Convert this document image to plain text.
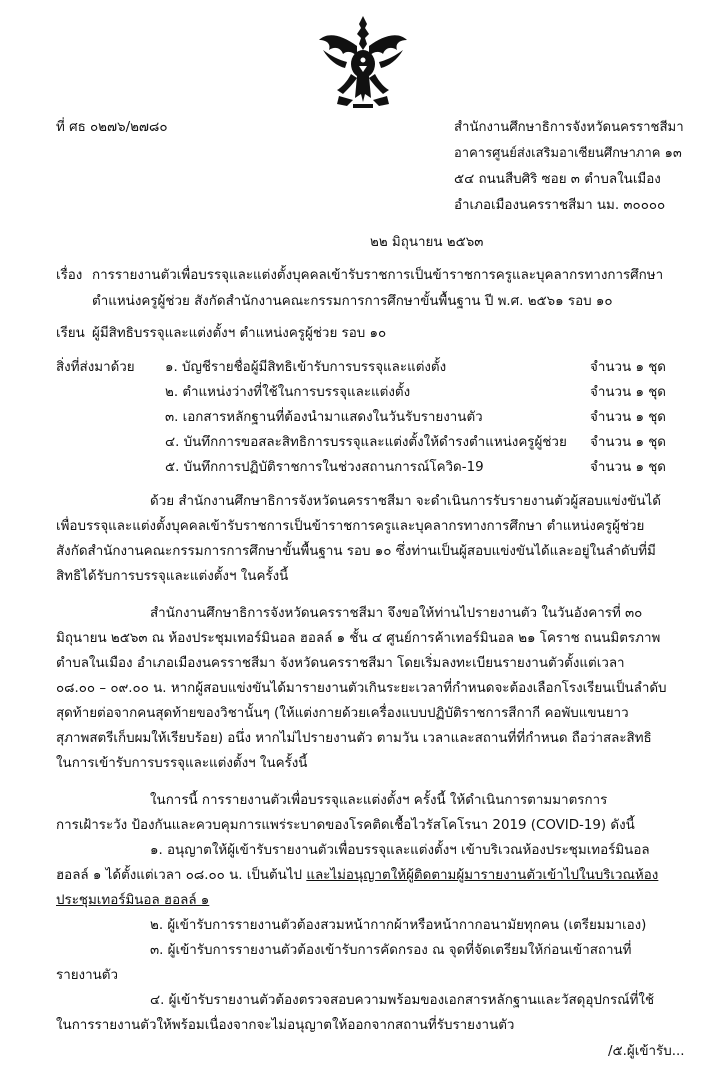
ที่ ศธ ๐๒๗๖/๒๗๘๐	สำนักงานศึกษาธิการจังหวัดนครราชสีมา
อาคารศูนย์ส่งเสริมอาเซียนศึกษาภาค ๑๓
๕๔ ถนนสืบศิริ ซอย ๓ ตำบลในเมือง
อำเภอเมืองนครราชสีมา นม. ๓๐๐๐๐
๒๒ มิถุนายน ๒๕๖๓
เรื่อง การรายงานตัวเพื่อบรรจุและแต่งตั้งบุคคลเข้ารับราชการเป็นข้าราชการครูและบุคลากรทางการศึกษา
ตำแหน่งครูผู้ช่วย สังกัดสำนักงานคณะกรรมการการศึกษาขั้นพื้นฐาน ปี พ.ศ. ๒๕๖๑ รอบ ๑๐
เรียน ผู้มีสิทธิบรรจุและแต่งตั้งฯ ตำแหน่งครูผู้ช่วย รอบ ๑๐
สิ่งที่ส่งมาด้วย ๑. บัญชีรายชื่อผู้มีสิทธิเข้ารับการบรรจุและแต่งตั้ง	จำนวน ๑ ชุด
๒. ตำแหน่งว่างที่ใช้ในการบรรจุและแต่งตั้ง	จำนวน ๑ ชุด
๓. เอกสารหลักฐานที่ต้องนำมาแสดงในวันรับรายงานตัว	จำนวน ๑ ชุด
๔. บันทึกการขอสละสิทธิการบรรจุและแต่งตั้งให้ดำรงตำแหน่งครูผู้ช่วย จำนวน ๑ ชุด
๕. บันทึกการปฏิบัติราชการในช่วงสถานการณ์โควิด-19	จำนวน ๑ ชุด
ด้วย สำนักงานศึกษาธิการจังหวัดนครราชสีมา จะดำเนินการรับรายงานตัวผู้สอบแข่งขันได้
เพื่อบรรจุและแต่งตั้งบุคคลเข้ารับราชการเป็นข้าราชการครูและบุคลากรทางการศึกษา ตำแหน่งครูผู้ช่วย
สังกัดสำนักงานคณะกรรมการการศึกษาขั้นพื้นฐาน รอบ ๑๐ ซึ่งท่านเป็นผู้สอบแข่งขันได้และอยู่ในลำดับที่มี
สิทธิได้รับการบรรจุและแต่งตั้งฯ ในครั้งนี้
สำนักงานศึกษาธิการจังหวัดนครราชสีมา จึงขอให้ท่านไปรายงานตัว ในวันอังคารที่ ๓๐
มิถุนายน ๒๕๖๓ ณ ห้องประชุมเทอร์มินอล ฮอลล์ ๑ ชั้น ๔ ศูนย์การค้าเทอร์มินอล ๒๑ โคราช ถนนมิตรภาพ
ตำบลในเมือง อำเภอเมืองนครราชสีมา จังหวัดนครราชสีมา โดยเริ่มลงทะเบียนรายงานตัวตั้งแต่เวลา
๐๘.๐๐ – ๐๙.๐๐ น. หากผู้สอบแข่งขันได้มารายงานตัวเกินระยะเวลาที่กำหนดจะต้องเลือกโรงเรียนเป็นลำดับ
สุดท้ายต่อจากคนสุดท้ายของวิชานั้นๆ (ให้แต่งกายด้วยเครื่องแบบปฏิบัติราชการสีกากี คอพับแขนยาว
สุภาพสตรีเก็บผมให้เรียบร้อย) อนึ่ง หากไม่ไปรายงานตัว ตามวัน เวลาและสถานที่ที่กำหนด ถือว่าสละสิทธิ
ในการเข้ารับการบรรจุและแต่งตั้งฯ ในครั้งนี้
ในการนี้ การรายงานตัวเพื่อบรรจุและแต่งตั้งฯ ครั้งนี้ ให้ดำเนินการตามมาตรการ
การเฝ้าระวัง ป้องกันและควบคุมการแพร่ระบาดของโรคติดเชื้อไวรัสโคโรนา 2019 (COVID-19) ดังนี้
๑. อนุญาตให้ผู้เข้ารับรายงานตัวเพื่อบรรจุและแต่งตั้งฯ เข้าบริเวณห้องประชุมเทอร์มินอล
ฮอลล์ ๑ ได้ตั้งแต่เวลา ๐๘.๐๐ น. เป็นต้นไป และไม่อนุญาตให้ผู้ติดตามผู้มารายงานตัวเข้าไปในบริเวณห้อง
ประชุมเทอร์มินอล ฮอลล์ ๑
๒. ผู้เข้ารับการรายงานตัวต้องสวมหน้ากากผ้าหรือหน้ากากอนามัยทุกคน (เตรียมมาเอง)
๓. ผู้เข้ารับการรายงานตัวต้องเข้ารับการคัดกรอง ณ จุดที่จัดเตรียมให้ก่อนเข้าสถานที่
รายงานตัว
๔. ผู้เข้ารับรายงานตัวต้องตรวจสอบความพร้อมของเอกสารหลักฐานและวัสดุอุปกรณ์ที่ใช้
ในการรายงานตัวให้พร้อมเนื่องจากจะไม่อนุญาตให้ออกจากสถานที่รับรายงานตัว
/๕.ผู้เข้ารับ...
